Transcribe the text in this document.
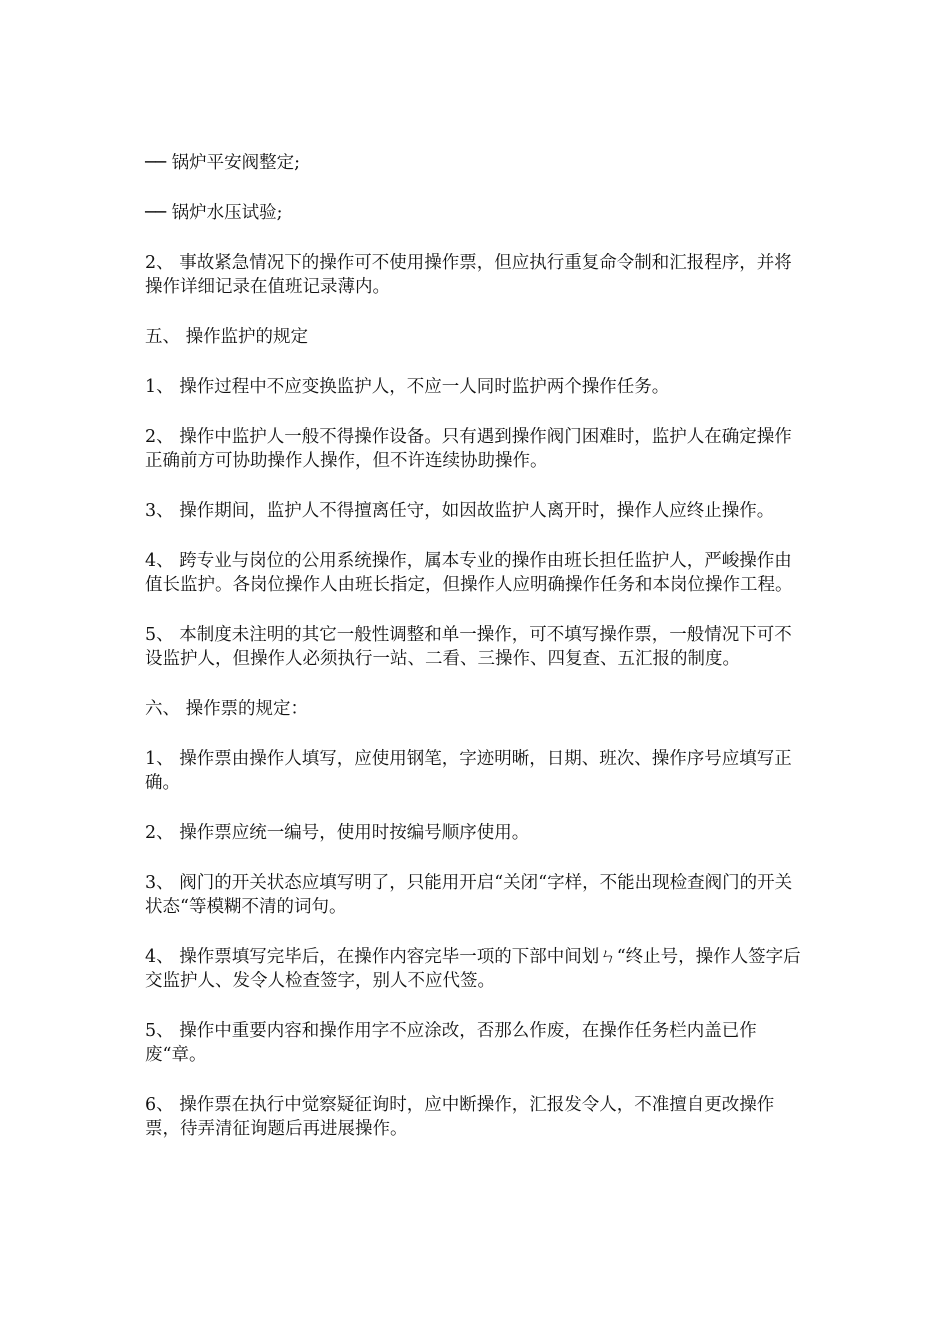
── 锅炉平安阀整定;

── 锅炉水压试验;

2、 事故紧急情况下的操作可不使用操作票，但应执行重复命令制和汇报程序，并将操作详细记录在值班记录薄内。

五、 操作监护的规定

1、 操作过程中不应变换监护人，不应一人同时监护两个操作任务。

2、 操作中监护人一般不得操作设备。只有遇到操作阀门困难时，监护人在确定操作正确前方可协助操作人操作，但不许连续协助操作。

3、 操作期间，监护人不得擅离任守，如因故监护人离开时，操作人应终止操作。

4、 跨专业与岗位的公用系统操作，属本专业的操作由班长担任监护人，严峻操作由值长监护。各岗位操作人由班长指定，但操作人应明确操作任务和本岗位操作工程。

5、 本制度未注明的其它一般性调整和单一操作，可不填写操作票，一般情况下可不设监护人，但操作人必须执行一站、二看、三操作、四复查、五汇报的制度。

六、 操作票的规定：

1、 操作票由操作人填写，应使用钢笔，字迹明晰，日期、班次、操作序号应填写正确。

2、 操作票应统一编号，使用时按编号顺序使用。

3、 阀门的开关状态应填写明了，只能用开启“关闭“字样，不能出现检查阀门的开关状态“等模糊不清的词句。

4、 操作票填写完毕后，在操作内容完毕一项的下部中间划ㄣ“终止号，操作人签字后交监护人、发令人检查签字，别人不应代签。

5、 操作中重要内容和操作用字不应涂改，否那么作废，在操作任务栏内盖已作废“章。

6、 操作票在执行中觉察疑征询时，应中断操作，汇报发令人，不准擅自更改操作票，待弄清征询题后再进展操作。
